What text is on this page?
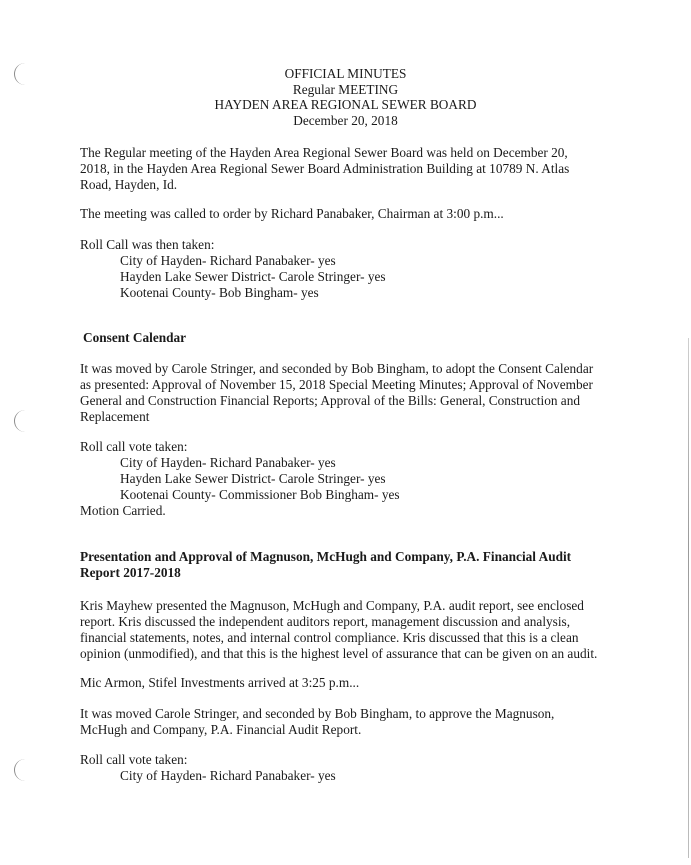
OFFICIAL MINUTES
Regular MEETING
HAYDEN AREA REGIONAL SEWER BOARD
December 20, 2018
The Regular meeting of the Hayden Area Regional Sewer Board was held on December 20,
2018, in the Hayden Area Regional Sewer Board Administration Building at 10789 N. Atlas
Road, Hayden, Id.
The meeting was called to order by Richard Panabaker, Chairman at 3:00 p.m...
Roll Call was then taken:
City of Hayden- Richard Panabaker- yes
Hayden Lake Sewer District- Carole Stringer- yes
Kootenai County- Bob Bingham- yes
Consent Calendar
It was moved by Carole Stringer, and seconded by Bob Bingham, to adopt the Consent Calendar
as presented: Approval of November 15, 2018 Special Meeting Minutes; Approval of November
General and Construction Financial Reports; Approval of the Bills: General, Construction and
Replacement
Roll call vote taken:
City of Hayden- Richard Panabaker- yes
Hayden Lake Sewer District- Carole Stringer- yes
Kootenai County- Commissioner Bob Bingham- yes
Motion Carried.
Presentation and Approval of Magnuson, McHugh and Company, P.A. Financial Audit
Report 2017-2018
Kris Mayhew presented the Magnuson, McHugh and Company, P.A. audit report, see enclosed
report. Kris discussed the independent auditors report, management discussion and analysis,
financial statements, notes, and internal control compliance. Kris discussed that this is a clean
opinion (unmodified), and that this is the highest level of assurance that can be given on an audit.
Mic Armon, Stifel Investments arrived at 3:25 p.m...
It was moved Carole Stringer, and seconded by Bob Bingham, to approve the Magnuson,
McHugh and Company, P.A. Financial Audit Report.
Roll call vote taken:
City of Hayden- Richard Panabaker- yes
